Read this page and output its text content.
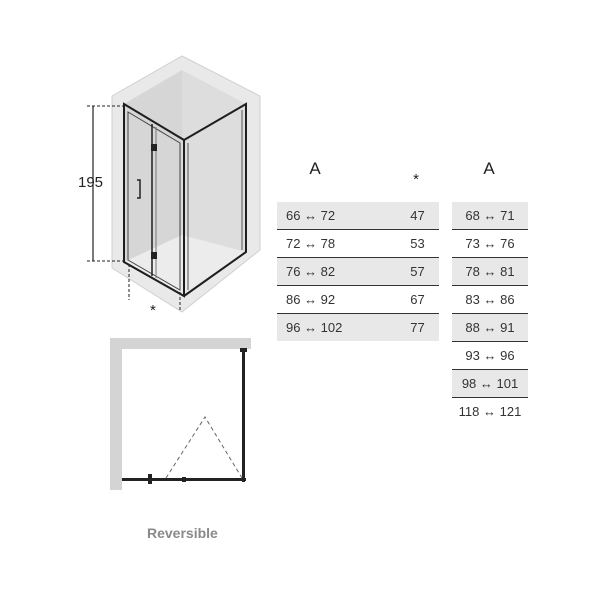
195
*
Reversible
A
*
A
66 ↔ 72	47
72 ↔ 78	53
76 ↔ 82	57
86 ↔ 92	67
96 ↔ 102	77
68 ↔ 71
73 ↔ 76
78 ↔ 81
83 ↔ 86
88 ↔ 91
93 ↔ 96
98 ↔ 101
118 ↔ 121
